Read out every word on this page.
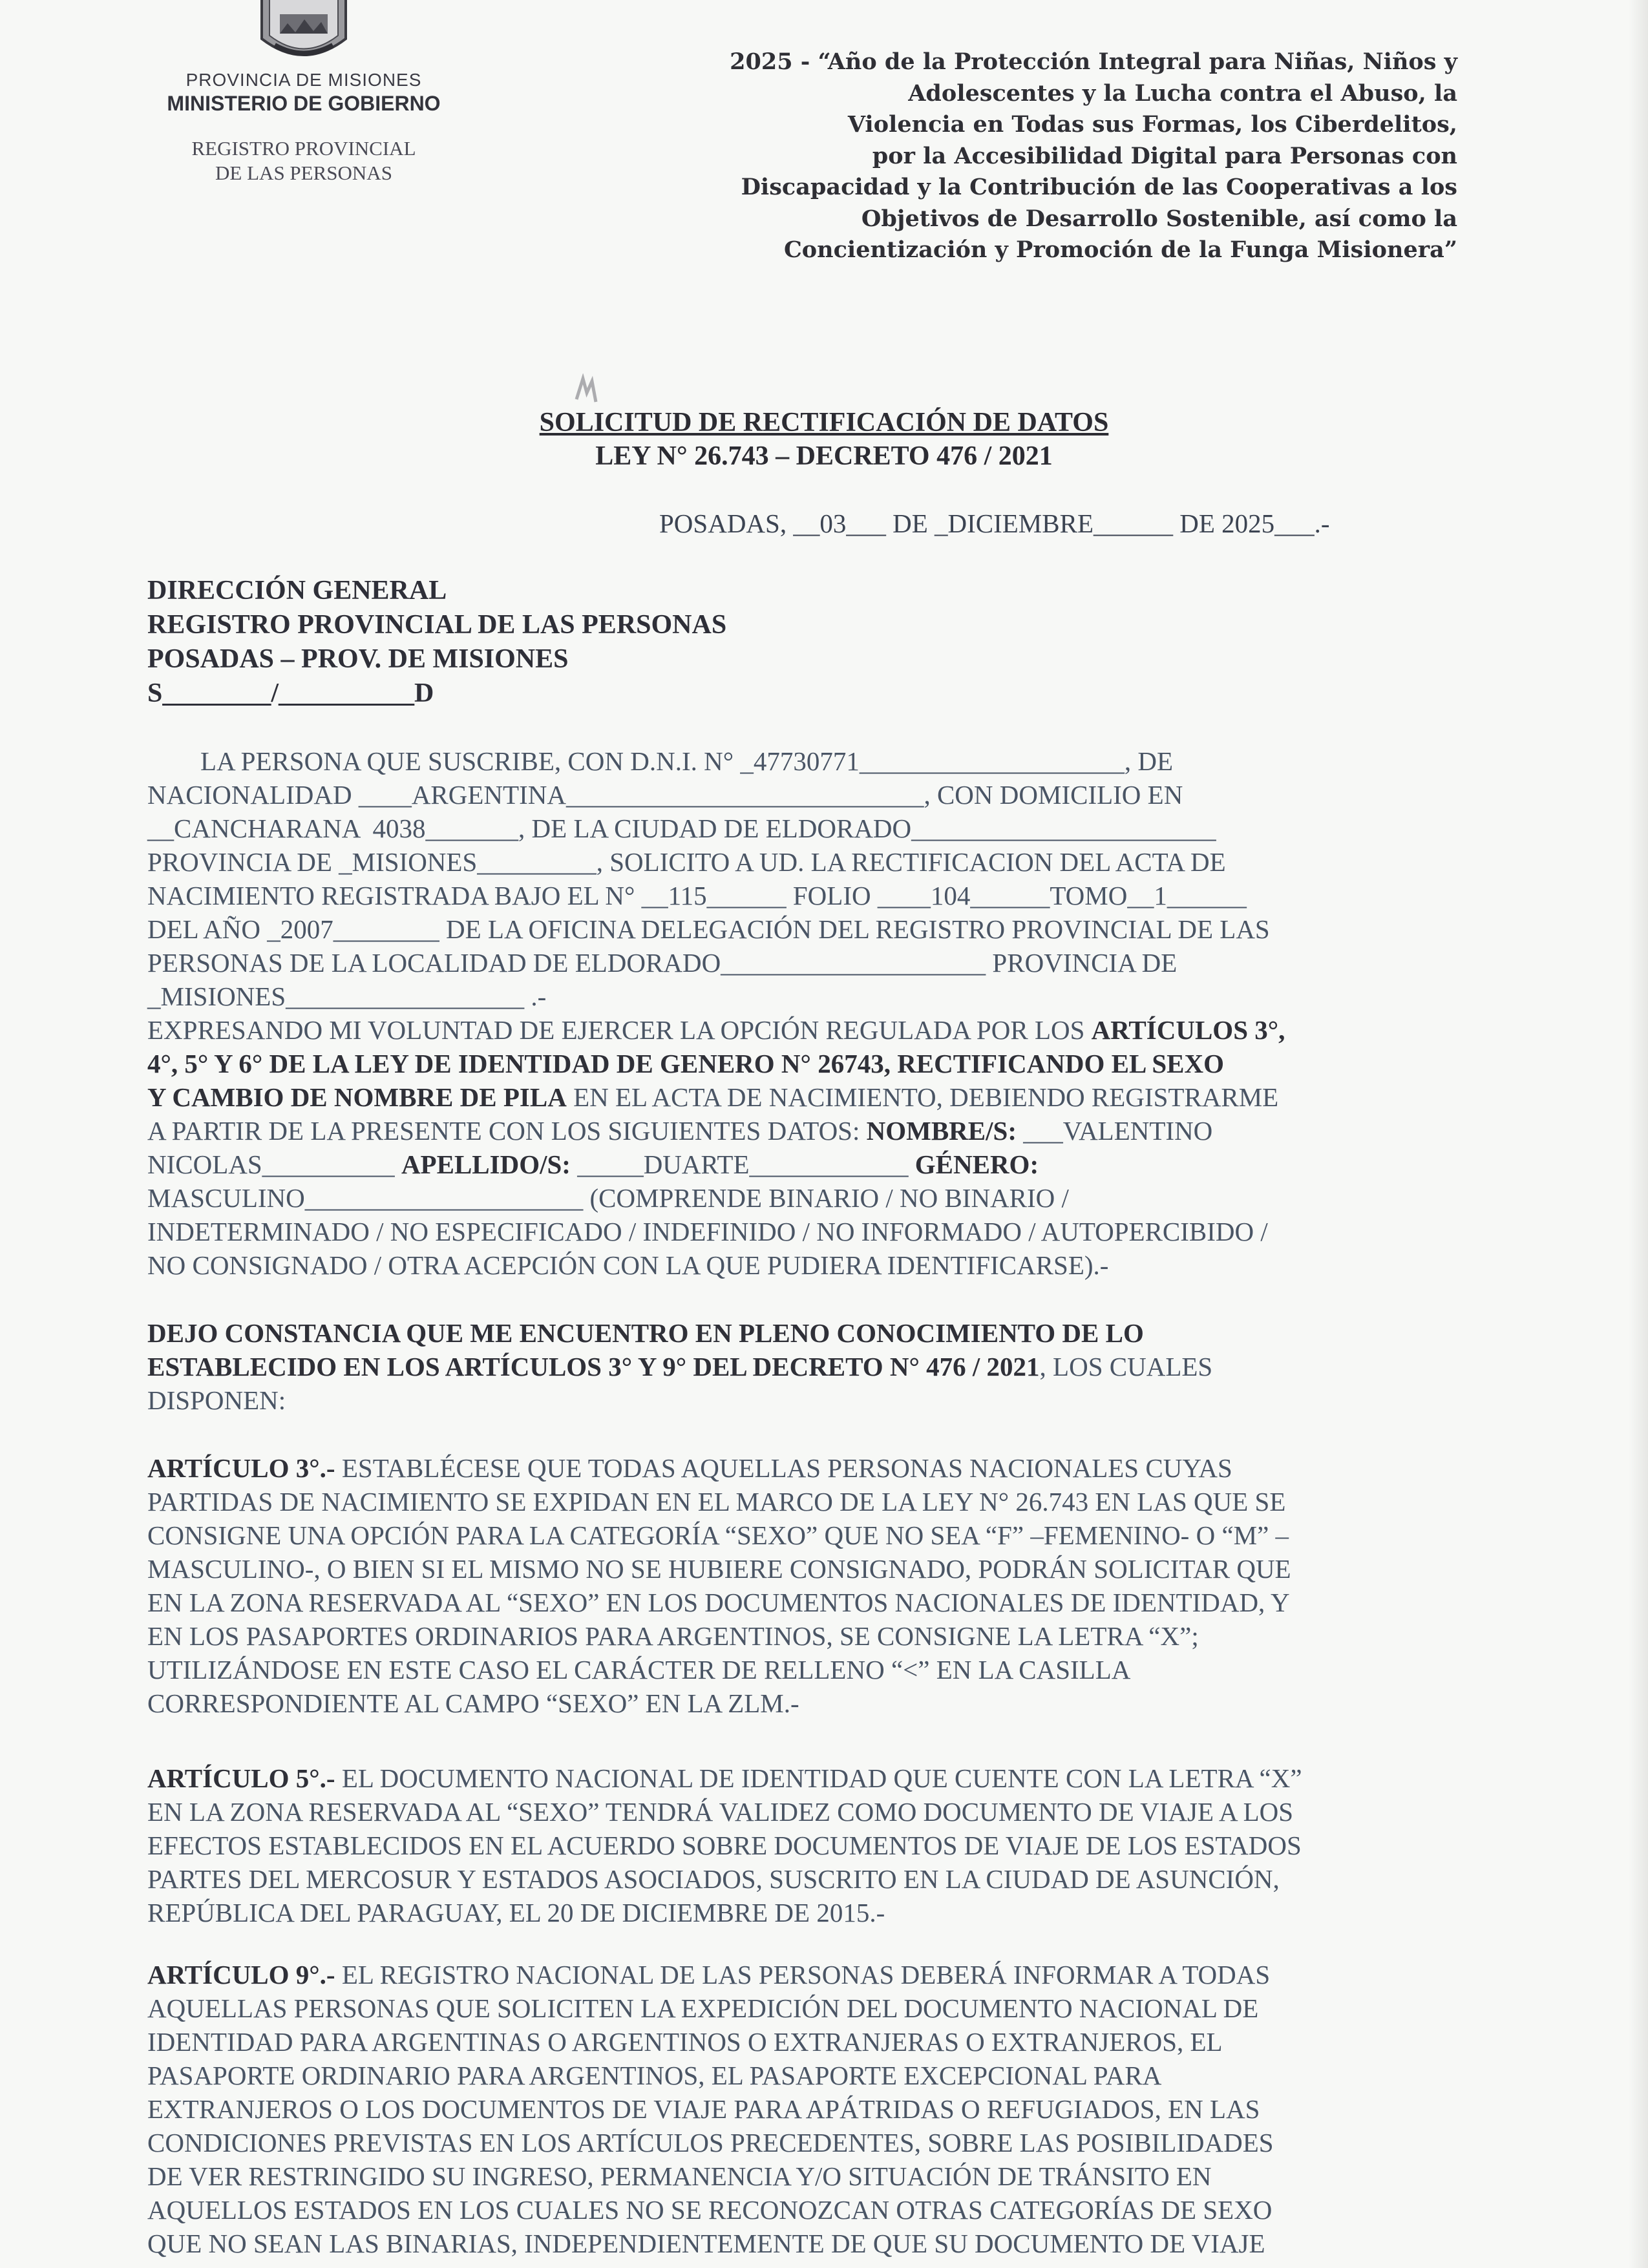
PROVINCIA DE MISIONES
MINISTERIO DE GOBIERNO
REGISTRO PROVINCIAL
DE LAS PERSONAS
2025 - “Año de la Protección Integral para Niñas, Niños y
Adolescentes y la Lucha contra el Abuso, la
Violencia en Todas sus Formas, los Ciberdelitos,
por la Accesibilidad Digital para Personas con
Discapacidad y la Contribución de las Cooperativas a los
Objetivos de Desarrollo Sostenible, así como la
Concientización y Promoción de la Funga Misionera”
SOLICITUD DE RECTIFICACIÓN DE DATOS
LEY N° 26.743 – DECRETO 476 / 2021
POSADAS, __03___ DE _DICIEMBRE______ DE 2025___.-
DIRECCIÓN GENERAL
REGISTRO PROVINCIAL DE LAS PERSONAS
POSADAS – PROV. DE MISIONES
S________/__________D
LA PERSONA QUE SUSCRIBE, CON D.N.I. N° _47730771____________________, DE
NACIONALIDAD ____ARGENTINA___________________________, CON DOMICILIO EN
__CANCHARANA  4038_______, DE LA CIUDAD DE ELDORADO_______________________
PROVINCIA DE _MISIONES_________, SOLICITO A UD. LA RECTIFICACION DEL ACTA DE
NACIMIENTO REGISTRADA BAJO EL N° __115______ FOLIO ____104______TOMO__1______
DEL AÑO _2007________ DE LA OFICINA DELEGACIÓN DEL REGISTRO PROVINCIAL DE LAS
PERSONAS DE LA LOCALIDAD DE ELDORADO____________________ PROVINCIA DE
_MISIONES__________________ .-
EXPRESANDO MI VOLUNTAD DE EJERCER LA OPCIÓN REGULADA POR LOS ARTÍCULOS 3°,
4°, 5° Y 6° DE LA LEY DE IDENTIDAD DE GENERO N° 26743, RECTIFICANDO EL SEXO
Y CAMBIO DE NOMBRE DE PILA EN EL ACTA DE NACIMIENTO, DEBIENDO REGISTRARME
A PARTIR DE LA PRESENTE CON LOS SIGUIENTES DATOS: NOMBRE/S: ___VALENTINO
NICOLAS__________ APELLIDO/S: _____DUARTE____________ GÉNERO:
MASCULINO_____________________ (COMPRENDE BINARIO / NO BINARIO /
INDETERMINADO / NO ESPECIFICADO / INDEFINIDO / NO INFORMADO / AUTOPERCIBIDO /
NO CONSIGNADO / OTRA ACEPCIÓN CON LA QUE PUDIERA IDENTIFICARSE).-
DEJO CONSTANCIA QUE ME ENCUENTRO EN PLENO CONOCIMIENTO DE LO
ESTABLECIDO EN LOS ARTÍCULOS 3° Y 9° DEL DECRETO N° 476 / 2021, LOS CUALES
DISPONEN:
ARTÍCULO 3°.- ESTABLÉCESE QUE TODAS AQUELLAS PERSONAS NACIONALES CUYAS
PARTIDAS DE NACIMIENTO SE EXPIDAN EN EL MARCO DE LA LEY N° 26.743 EN LAS QUE SE
CONSIGNE UNA OPCIÓN PARA LA CATEGORÍA “SEXO” QUE NO SEA “F” –FEMENINO- O “M” –
MASCULINO-, O BIEN SI EL MISMO NO SE HUBIERE CONSIGNADO, PODRÁN SOLICITAR QUE
EN LA ZONA RESERVADA AL “SEXO” EN LOS DOCUMENTOS NACIONALES DE IDENTIDAD, Y
EN LOS PASAPORTES ORDINARIOS PARA ARGENTINOS, SE CONSIGNE LA LETRA “X”;
UTILIZÁNDOSE EN ESTE CASO EL CARÁCTER DE RELLENO “<” EN LA CASILLA
CORRESPONDIENTE AL CAMPO “SEXO” EN LA ZLM.-
ARTÍCULO 5°.- EL DOCUMENTO NACIONAL DE IDENTIDAD QUE CUENTE CON LA LETRA “X”
EN LA ZONA RESERVADA AL “SEXO” TENDRÁ VALIDEZ COMO DOCUMENTO DE VIAJE A LOS
EFECTOS ESTABLECIDOS EN EL ACUERDO SOBRE DOCUMENTOS DE VIAJE DE LOS ESTADOS
PARTES DEL MERCOSUR Y ESTADOS ASOCIADOS, SUSCRITO EN LA CIUDAD DE ASUNCIÓN,
REPÚBLICA DEL PARAGUAY, EL 20 DE DICIEMBRE DE 2015.-
ARTÍCULO 9°.- EL REGISTRO NACIONAL DE LAS PERSONAS DEBERÁ INFORMAR A TODAS
AQUELLAS PERSONAS QUE SOLICITEN LA EXPEDICIÓN DEL DOCUMENTO NACIONAL DE
IDENTIDAD PARA ARGENTINAS O ARGENTINOS O EXTRANJERAS O EXTRANJEROS, EL
PASAPORTE ORDINARIO PARA ARGENTINOS, EL PASAPORTE EXCEPCIONAL PARA
EXTRANJEROS O LOS DOCUMENTOS DE VIAJE PARA APÁTRIDAS O REFUGIADOS, EN LAS
CONDICIONES PREVISTAS EN LOS ARTÍCULOS PRECEDENTES, SOBRE LAS POSIBILIDADES
DE VER RESTRINGIDO SU INGRESO, PERMANENCIA Y/O SITUACIÓN DE TRÁNSITO EN
AQUELLOS ESTADOS EN LOS CUALES NO SE RECONOZCAN OTRAS CATEGORÍAS DE SEXO
QUE NO SEAN LAS BINARIAS, INDEPENDIENTEMENTE DE QUE SU DOCUMENTO DE VIAJE
